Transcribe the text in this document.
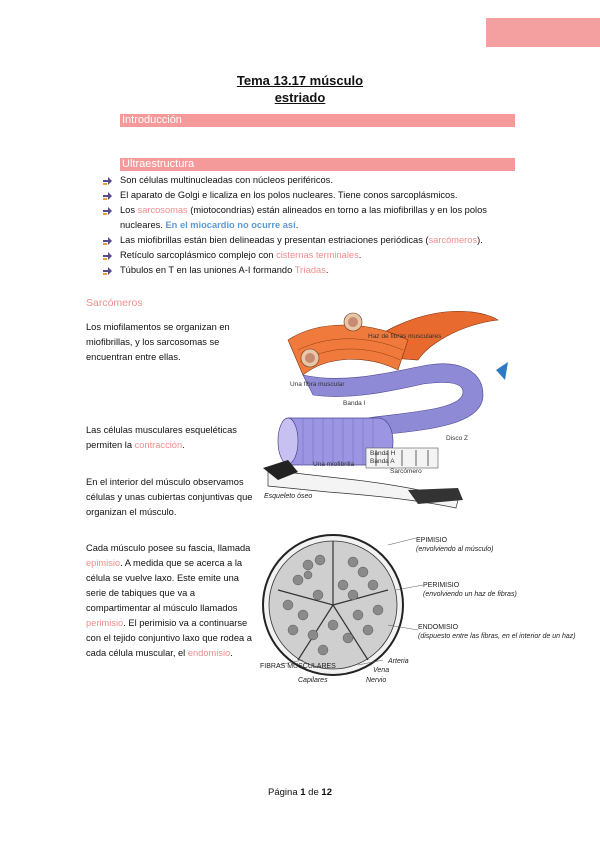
Tema 13.17 músculo
estriado
Introducción
Ultraestructura
Son células multinucleadas con núcleos periféricos.
El aparato de Golgi e licaliza en los polos nucleares. Tiene conos sarcoplásmicos.
Los sarcosomas (miotocondrias) están alineados en torno a las miofibrillas y en los polos nucleares. En el miocardio no ocurre así.
Las miofibrillas están bien delineadas y presentan estriaciones periódicas (sarcómeros).
Retículo sarcoplásmico complejo con cisternas terminales.
Túbulos en T en las uniones A-I formando Tríadas.
Sarcómeros

Los miofilamentos se organizan en miofibrillas, y los sarcosomas se encuentran entre ellas.

Las células musculares esqueléticas permiten la contracción.

En el interior del músculo observamos células y unas cubiertas conjuntivas que organizan el músculo.

Cada músculo posee su fascia, llamada epimisio. A medida que se acerca a la célula se vuelve laxo. Este emite una serie de tabiques que va a compartimentar al músculo llamados perimisio. El perimisio va a continuarse con el tejido conjuntivo laxo que rodea a cada célula muscular, el endomisio.

Haz de fibras musculares
Una fibra muscular
Banda I
Disco Z
Banda H
Banda A
Sarcómero
Una miofibrilla
Esqueleto óseo
EPIMISIO
(envolviendo al músculo)
PERIMISIO
(envolviendo un haz de fibras)
ENDOMISIO
(dispuesto entre las fibras, en el interior de un haz)
FIBRAS MUSCULARES
Arteria
Vena
Capilares	Nervio
Página 1 de 12
